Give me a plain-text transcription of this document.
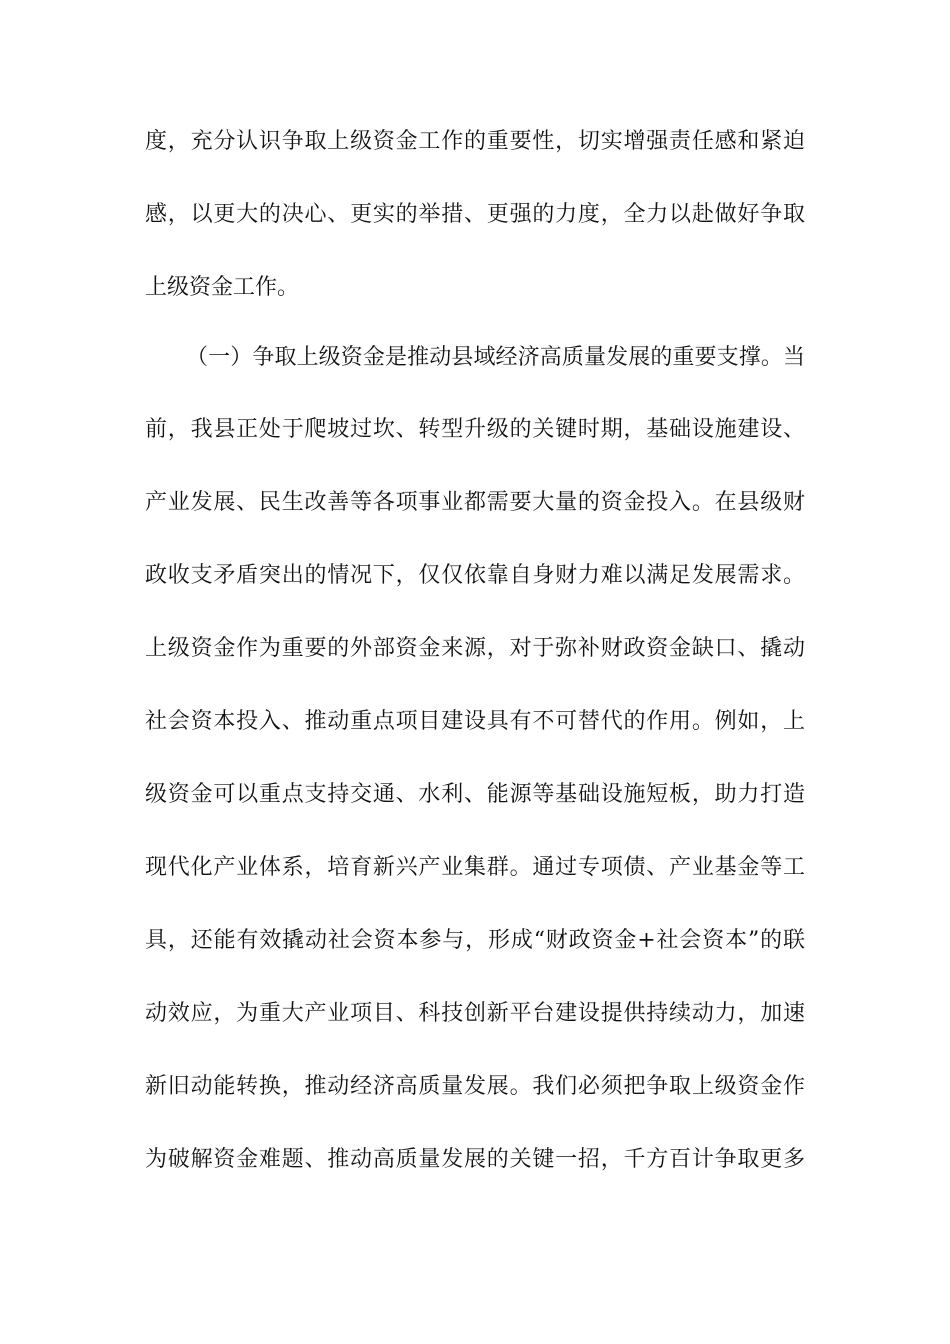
度，充分认识争取上级资金工作的重要性，切实增强责任感和紧迫
感，以更大的决心、更实的举措、更强的力度，全力以赴做好争取
上级资金工作。
（一）争取上级资金是推动县域经济高质量发展的重要支撑。当
前，我县正处于爬坡过坎、转型升级的关键时期，基础设施建设、
产业发展、民生改善等各项事业都需要大量的资金投入。在县级财
政收支矛盾突出的情况下，仅仅依靠自身财力难以满足发展需求。
上级资金作为重要的外部资金来源，对于弥补财政资金缺口、撬动
社会资本投入、推动重点项目建设具有不可替代的作用。例如，上
级资金可以重点支持交通、水利、能源等基础设施短板，助力打造
现代化产业体系，培育新兴产业集群。通过专项债、产业基金等工
具，还能有效撬动社会资本参与，形成“财政资金+社会资本”的联
动效应，为重大产业项目、科技创新平台建设提供持续动力，加速
新旧动能转换，推动经济高质量发展。我们必须把争取上级资金作
为破解资金难题、推动高质量发展的关键一招，千方百计争取更多
